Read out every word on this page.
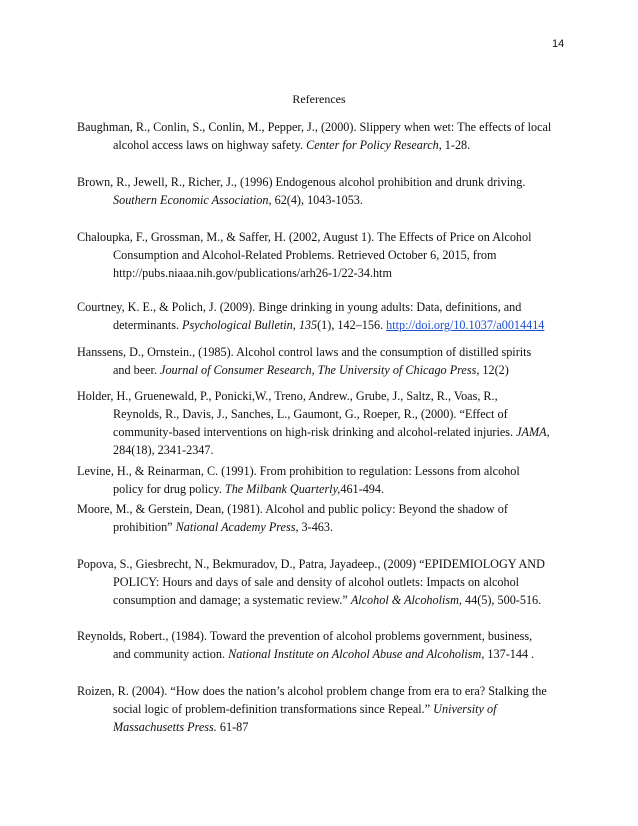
14
References
Baughman, R., Conlin, S., Conlin, M., Pepper, J., (2000). Slippery when wet: The effects of local
alcohol access laws on highway safety. Center for Policy Research, 1-28.
Brown, R., Jewell, R., Richer, J., (1996) Endogenous alcohol prohibition and drunk driving.
Southern Economic Association, 62(4), 1043-1053.
Chaloupka, F., Grossman, M., & Saffer, H. (2002, August 1). The Effects of Price on Alcohol
Consumption and Alcohol-Related Problems. Retrieved October 6, 2015, from
http://pubs.niaaa.nih.gov/publications/arh26-1/22-34.htm
Courtney, K. E., & Polich, J. (2009). Binge drinking in young adults: Data, definitions, and
determinants. Psychological Bulletin, 135(1), 142–156. http://doi.org/10.1037/a0014414
Hanssens, D., Ornstein., (1985). Alcohol control laws and the consumption of distilled spirits
and beer. Journal of Consumer Research, The University of Chicago Press, 12(2)
Holder, H., Gruenewald, P., Ponicki,W., Treno, Andrew., Grube, J., Saltz, R., Voas, R.,
Reynolds, R., Davis, J., Sanches, L., Gaumont, G., Roeper, R., (2000). “Effect of
community-based interventions on high-risk drinking and alcohol-related injuries. JAMA,
284(18), 2341-2347.
Levine, H., & Reinarman, C. (1991). From prohibition to regulation: Lessons from alcohol
policy for drug policy. The Milbank Quarterly,461-494.
Moore, M., & Gerstein, Dean, (1981). Alcohol and public policy: Beyond the shadow of
prohibition” National Academy Press, 3-463.
Popova, S., Giesbrecht, N., Bekmuradov, D., Patra, Jayadeep., (2009) “EPIDEMIOLOGY AND
POLICY: Hours and days of sale and density of alcohol outlets: Impacts on alcohol
consumption and damage; a systematic review.” Alcohol & Alcoholism, 44(5), 500-516.
Reynolds, Robert., (1984). Toward the prevention of alcohol problems government, business,
and community action. National Institute on Alcohol Abuse and Alcoholism, 137-144 .
Roizen, R. (2004). “How does the nation’s alcohol problem change from era to era? Stalking the
social logic of problem-definition transformations since Repeal.” University of
Massachusetts Press. 61-87
